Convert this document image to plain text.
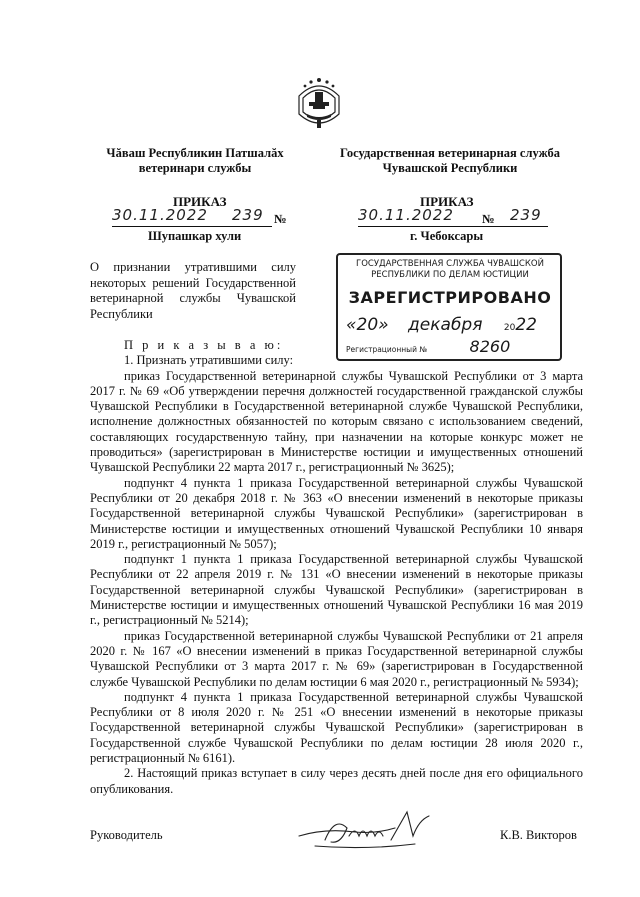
Чăваш Республикин Патшалăх
ветеринари службы
Государственная ветеринарная служба
Чувашской Республики
ПРИКАЗ	ПРИКАЗ
30.11.2022 239 №
Шупашкар хули
30.11.2022 № 239
г. Чебоксары
О признании утратившими силу некоторых решений Государственной ветеринарной службы Чувашской Республики
ГОСУДАРСТВЕННАЯ СЛУЖБА ЧУВАШСКОЙ
РЕСПУБЛИКИ ПО ДЕЛАМ ЮСТИЦИИ
ЗАРЕГИСТРИРОВАНО
«20» декабря 2022
Регистрационный №	8260

П р и к а з ы в а ю:

1. Признать утратившими силу:

приказ Государственной ветеринарной службы Чувашской Республики от 3 марта 2017 г. № 69 «Об утверждении перечня должностей государственной гражданской службы Чувашской Республики в Государственной ветеринарной службе Чувашской Республики, исполнение должностных обязанностей по которым связано с использованием сведений, составляющих государственную тайну, при назначении на которые конкурс может не проводиться» (зарегистрирован в Министерстве юстиции и имущественных отношений Чувашской Республики 22 марта 2017 г., регистрационный № 3625);

подпункт 4 пункта 1 приказа Государственной ветеринарной службы Чувашской Республики от 20 декабря 2018 г. № 363 «О внесении изменений в некоторые приказы Государственной ветеринарной службы Чувашской Республики» (зарегистрирован в Министерстве юстиции и имущественных отношений Чувашской Республики 10 января 2019 г., регистрационный № 5057);

подпункт 1 пункта 1 приказа Государственной ветеринарной службы Чувашской Республики от 22 апреля 2019 г. № 131 «О внесении изменений в некоторые приказы Государственной ветеринарной службы Чувашской Республики» (зарегистрирован в Министерстве юстиции и имущественных отношений Чувашской Республики 16 мая 2019 г., регистрационный № 5214);

приказ Государственной ветеринарной службы Чувашской Республики от 21 апреля 2020 г. № 167 «О внесении изменений в приказ Государственной ветеринарной службы Чувашской Республики от 3 марта 2017 г. № 69» (зарегистрирован в Государственной службе Чувашской Республики по делам юстиции 6 мая 2020 г., регистрационный № 5934);

подпункт 4 пункта 1 приказа Государственной ветеринарной службы Чувашской Республики от 8 июля 2020 г. № 251 «О внесении изменений в некоторые приказы Государственной ветеринарной службы Чувашской Республики» (зарегистрирован в Государственной службе Чувашской Республики по делам юстиции 28 июля 2020 г., регистрационный № 6161).

2. Настоящий приказ вступает в силу через десять дней после дня его официального опубликования.

Руководитель	К.В. Викторов
